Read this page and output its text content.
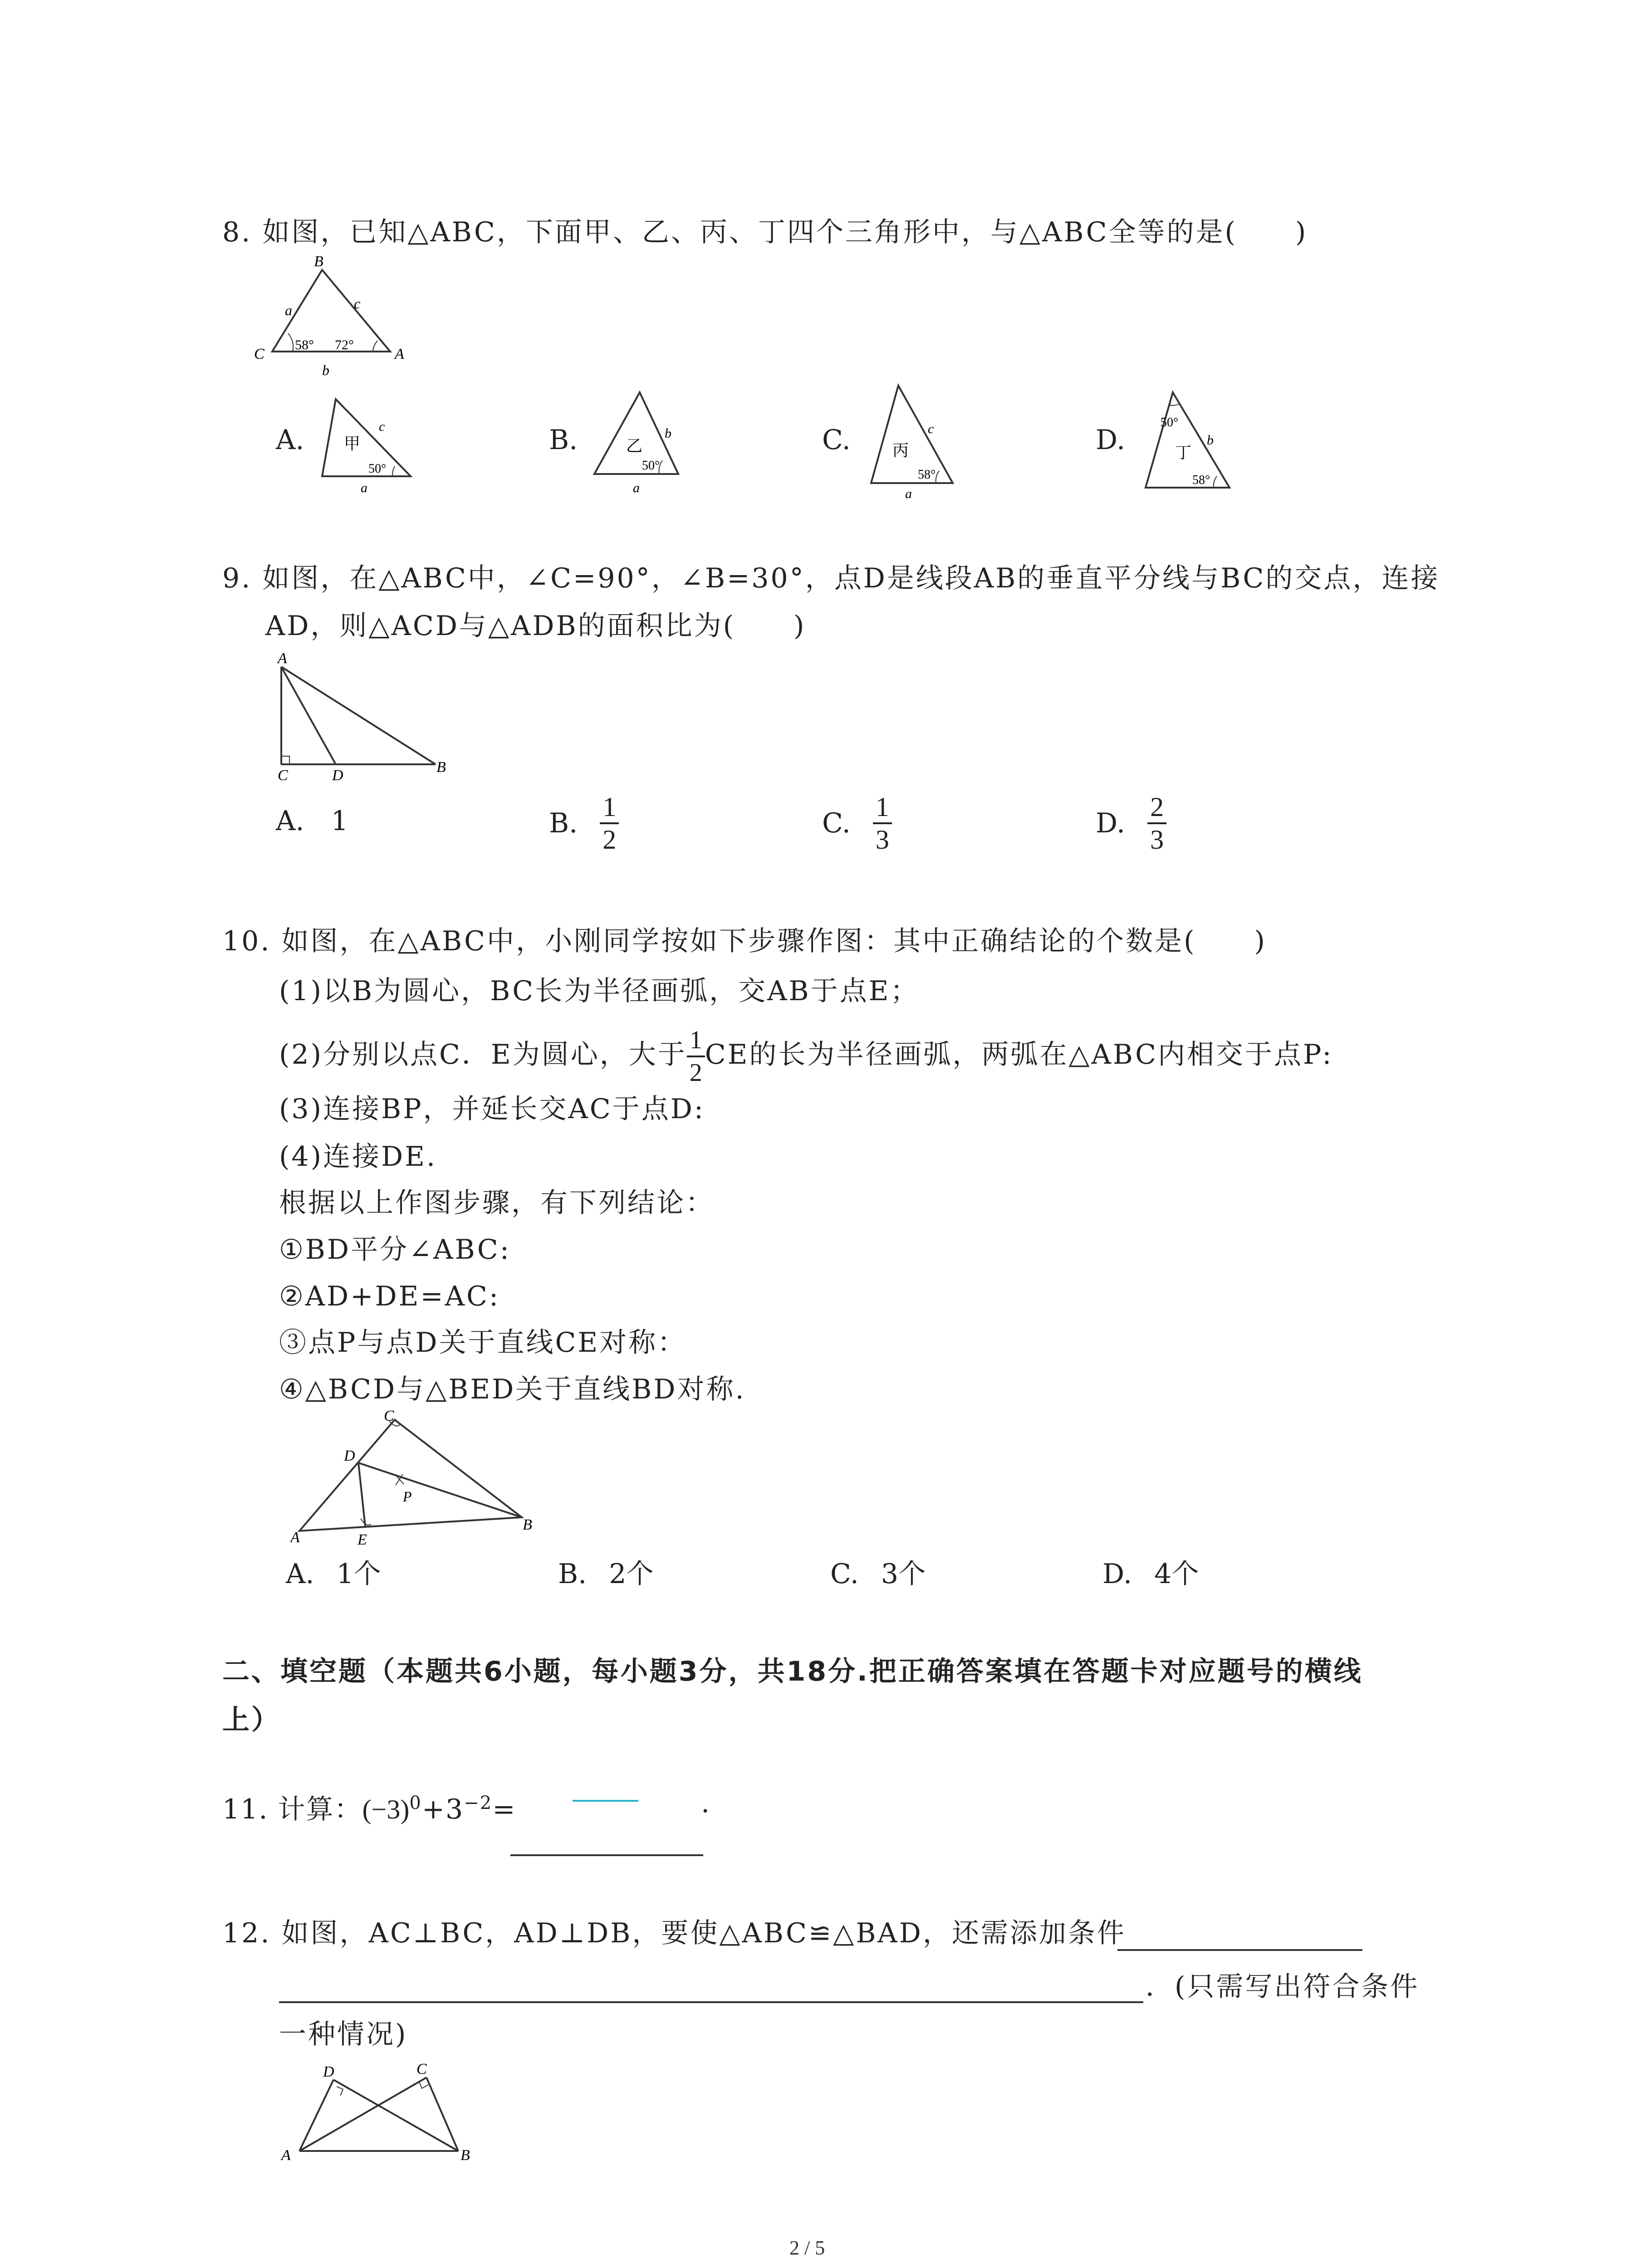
8. 如图，已知△ABC，下面甲、乙、丙、丁四个三角形中，与△ABC全等的是(　　)
B
C	A
a	c
b
58° 72°
A. 甲
c
50°
a
B.	乙
b
50°
a
C.	丙
c
58°
a
D.
50°
丁
b
58°
9. 如图，在△ABC中，∠C=90°，∠B=30°，点D是线段AB的垂直平分线与BC的交点，连接
AD，则△ACD与△ADB的面积比为(　　)
A
C	D	B
A. 1	B. $\frac{1}{2}$	C. $\frac{1}{3}$	D. $\frac{2}{3}$
10. 如图，在△ABC中，小刚同学按如下步骤作图：其中正确结论的个数是(　　)
(1)以B为圆心，BC长为半径画弧，交AB于点E；
(2)分别以点C．E为圆心，大于 $\frac{1}{2}$ CE的长为半径画弧，两弧在△ABC内相交于点P:
(3)连接BP，并延长交AC于点D:
(4)连接DE.
根据以上作图步骤，有下列结论：
①BD平分∠ABC:
②AD+DE=AC:
③点P与点D关于直线CE对称：
④△BCD与△BED关于直线BD对称.
C
D
P
A	E
B
A. 1个	B. 2个	C. 3个	D. 4个
二、填空题（本题共6小题，每小题3分，共18分.把正确答案填在答题卡对应题号的横线
上）
11. 计算：$(-3)^0+3^{-2}=$	.
12. 如图，AC⊥BC，AD⊥DB，要使△ABC≌△BAD，还需添加条件
．(只需写出符合条件
一种情况)
D	C
A	B
2 / 5
